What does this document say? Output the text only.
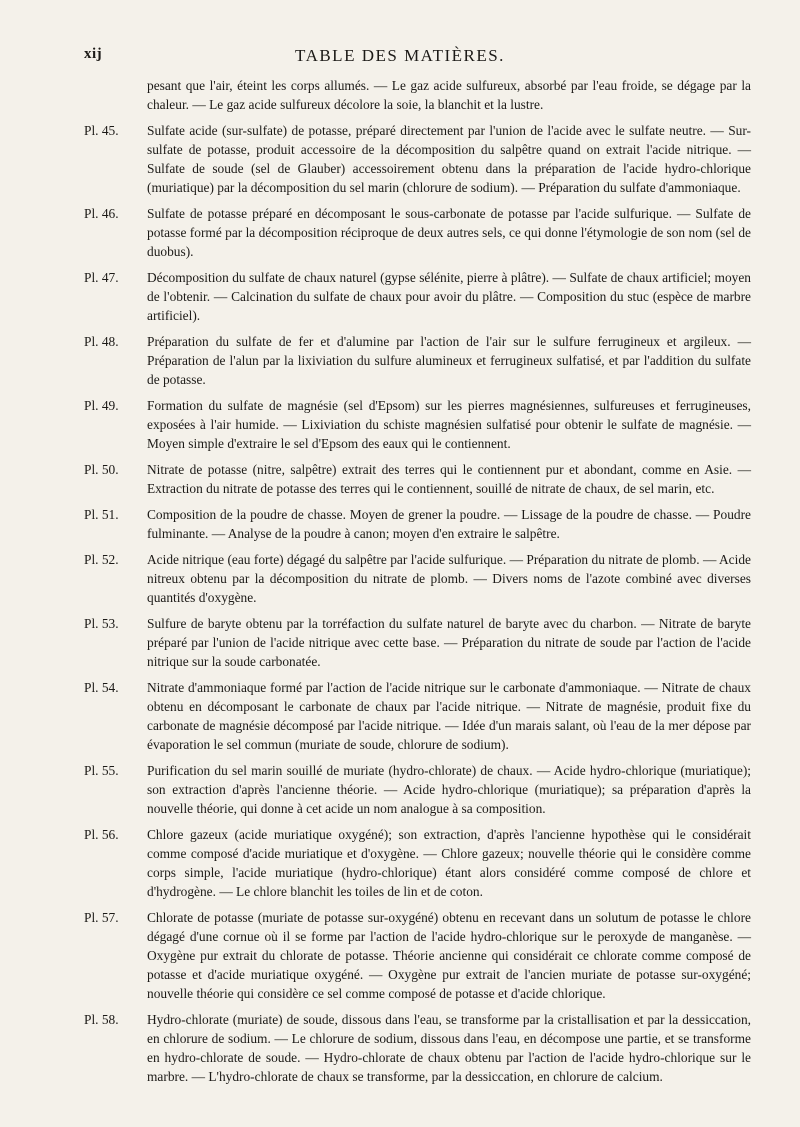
xij	TABLE DES MATIÈRES.

pesant que l'air, éteint les corps allumés. — Le gaz acide sulfureux, absorbé par l'eau froide, se dégage par la chaleur. — Le gaz acide sulfureux décolore la soie, la blanchit et la lustre.

Pl. 45. Sulfate acide (sur-sulfate) de potasse, préparé directement par l'union de l'acide avec le sulfate neutre. — Sur-sulfate de potasse, produit accessoire de la décomposition du salpêtre quand on extrait l'acide nitrique. — Sulfate de soude (sel de Glauber) accessoirement obtenu dans la préparation de l'acide hydro-chlorique (muriatique) par la décomposition du sel marin (chlorure de sodium). — Préparation du sulfate d'ammoniaque.

Pl. 46. Sulfate de potasse préparé en décomposant le sous-carbonate de potasse par l'acide sulfurique. — Sulfate de potasse formé par la décomposition réciproque de deux autres sels, ce qui donne l'étymologie de son nom (sel de duobus).

Pl. 47. Décomposition du sulfate de chaux naturel (gypse sélénite, pierre à plâtre). — Sulfate de chaux artificiel; moyen de l'obtenir. — Calcination du sulfate de chaux pour avoir du plâtre. — Composition du stuc (espèce de marbre artificiel).

Pl. 48. Préparation du sulfate de fer et d'alumine par l'action de l'air sur le sulfure ferrugineux et argileux. — Préparation de l'alun par la lixiviation du sulfure alumineux et ferrugineux sulfatisé, et par l'addition du sulfate de potasse.

Pl. 49. Formation du sulfate de magnésie (sel d'Epsom) sur les pierres magnésiennes, sulfureuses et ferrugineuses, exposées à l'air humide. — Lixiviation du schiste magnésien sulfatisé pour obtenir le sulfate de magnésie. — Moyen simple d'extraire le sel d'Epsom des eaux qui le contiennent.

Pl. 50. Nitrate de potasse (nitre, salpêtre) extrait des terres qui le contiennent pur et abondant, comme en Asie. — Extraction du nitrate de potasse des terres qui le contiennent, souillé de nitrate de chaux, de sel marin, etc.

Pl. 51. Composition de la poudre de chasse. Moyen de grener la poudre. — Lissage de la poudre de chasse. — Poudre fulminante. — Analyse de la poudre à canon; moyen d'en extraire le salpêtre.

Pl. 52. Acide nitrique (eau forte) dégagé du salpêtre par l'acide sulfurique. — Préparation du nitrate de plomb. — Acide nitreux obtenu par la décomposition du nitrate de plomb. — Divers noms de l'azote combiné avec diverses quantités d'oxygène.

Pl. 53. Sulfure de baryte obtenu par la torréfaction du sulfate naturel de baryte avec du charbon. — Nitrate de baryte préparé par l'union de l'acide nitrique avec cette base. — Préparation du nitrate de soude par l'action de l'acide nitrique sur la soude carbonatée.

Pl. 54. Nitrate d'ammoniaque formé par l'action de l'acide nitrique sur le carbonate d'ammoniaque. — Nitrate de chaux obtenu en décomposant le carbonate de chaux par l'acide nitrique. — Nitrate de magnésie, produit fixe du carbonate de magnésie décomposé par l'acide nitrique. — Idée d'un marais salant, où l'eau de la mer dépose par évaporation le sel commun (muriate de soude, chlorure de sodium).

Pl. 55. Purification du sel marin souillé de muriate (hydro-chlorate) de chaux. — Acide hydro-chlorique (muriatique); son extraction d'après l'ancienne théorie. — Acide hydro-chlorique (muriatique); sa préparation d'après la nouvelle théorie, qui donne à cet acide un nom analogue à sa composition.

Pl. 56. Chlore gazeux (acide muriatique oxygéné); son extraction, d'après l'ancienne hypothèse qui le considérait comme composé d'acide muriatique et d'oxygène. — Chlore gazeux; nouvelle théorie qui le considère comme corps simple, l'acide muriatique (hydro-chlorique) étant alors considéré comme composé de chlore et d'hydrogène. — Le chlore blanchit les toiles de lin et de coton.

Pl. 57. Chlorate de potasse (muriate de potasse sur-oxygéné) obtenu en recevant dans un solutum de potasse le chlore dégagé d'une cornue où il se forme par l'action de l'acide hydro-chlorique sur le peroxyde de manganèse. — Oxygène pur extrait du chlorate de potasse. Théorie ancienne qui considérait ce chlorate comme composé de potasse et d'acide muriatique oxygéné. — Oxygène pur extrait de l'ancien muriate de potasse sur-oxygéné; nouvelle théorie qui considère ce sel comme composé de potasse et d'acide chlorique.

Pl. 58. Hydro-chlorate (muriate) de soude, dissous dans l'eau, se transforme par la cristallisation et par la dessiccation, en chlorure de sodium. — Le chlorure de sodium, dissous dans l'eau, en décompose une partie, et se transforme en hydro-chlorate de soude. — Hydro-chlorate de chaux obtenu par l'action de l'acide hydro-chlorique sur le marbre. — L'hydro-chlorate de chaux se transforme, par la dessiccation, en chlorure de calcium.
